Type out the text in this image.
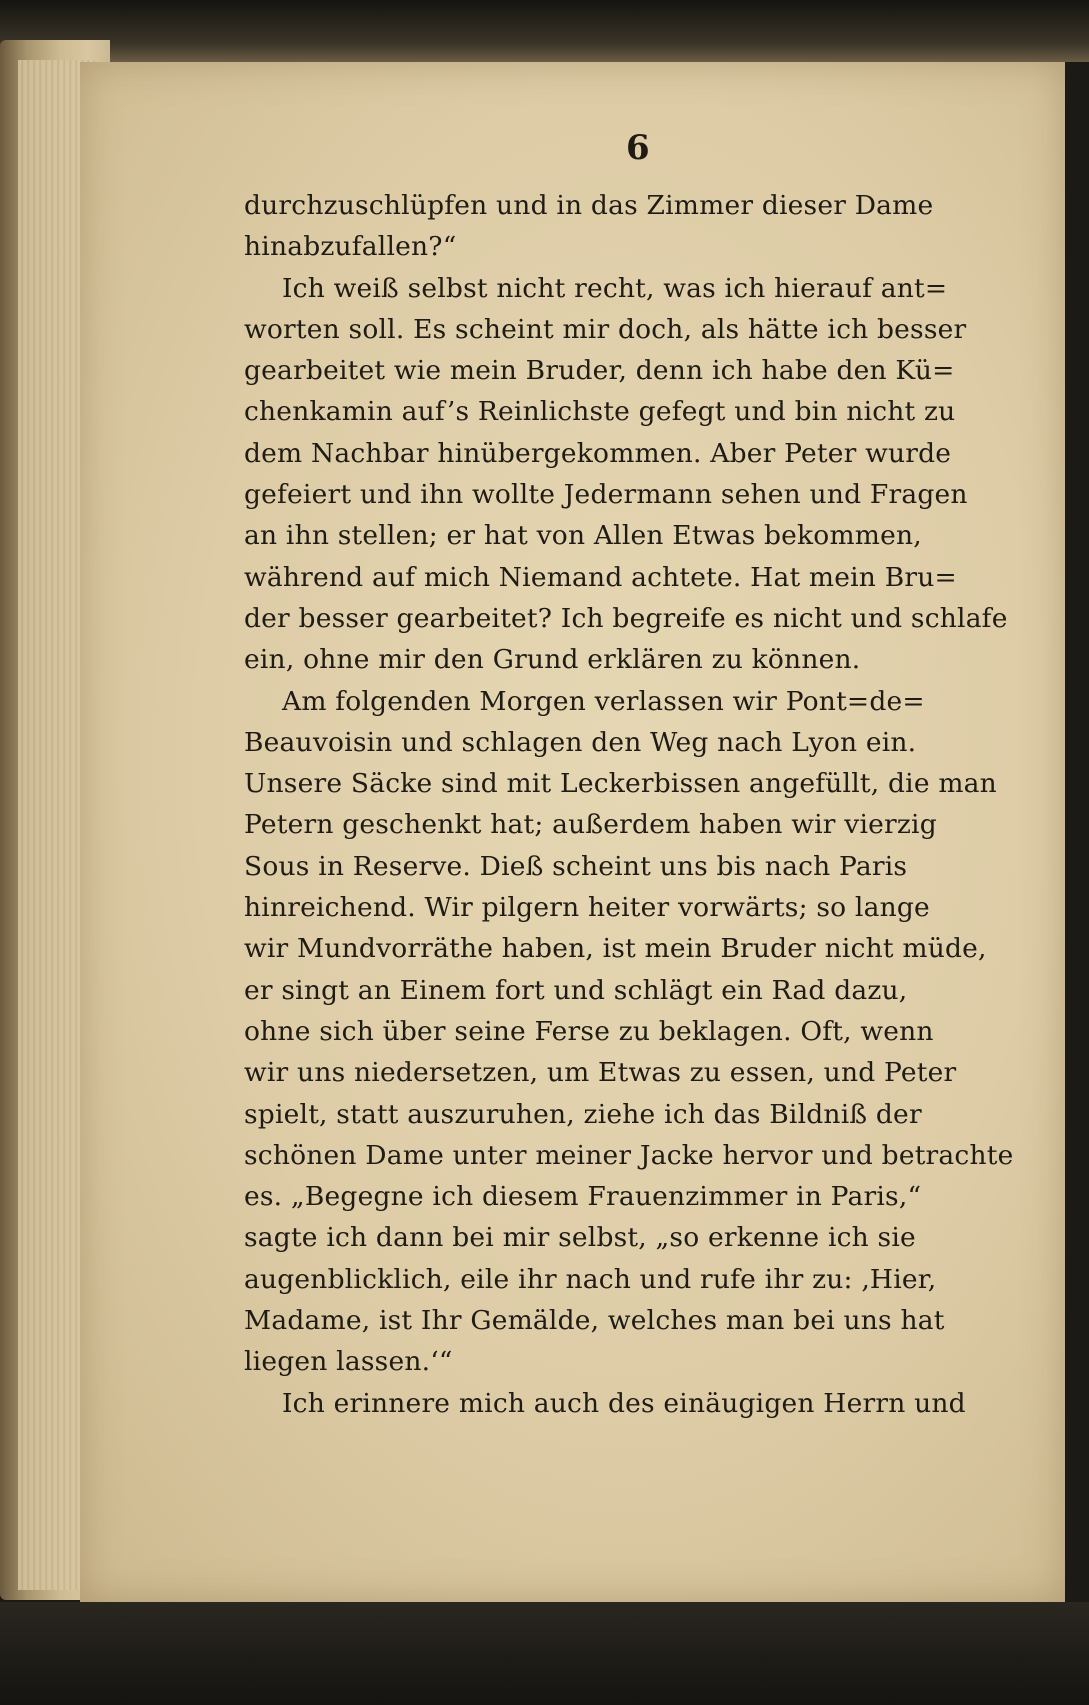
6
durchzuschlüpfen und in das Zimmer dieser Dame
hinabzufallen?“
Ich weiß selbst nicht recht, was ich hierauf ant=
worten soll. Es scheint mir doch, als hätte ich besser
gearbeitet wie mein Bruder, denn ich habe den Kü=
chenkamin auf’s Reinlichste gefegt und bin nicht zu
dem Nachbar hinübergekommen. Aber Peter wurde
gefeiert und ihn wollte Jedermann sehen und Fragen
an ihn stellen; er hat von Allen Etwas bekommen,
während auf mich Niemand achtete. Hat mein Bru=
der besser gearbeitet? Ich begreife es nicht und schlafe
ein, ohne mir den Grund erklären zu können.
Am folgenden Morgen verlassen wir Pont=de=
Beauvoisin und schlagen den Weg nach Lyon ein.
Unsere Säcke sind mit Leckerbissen angefüllt, die man
Petern geschenkt hat; außerdem haben wir vierzig
Sous in Reserve. Dieß scheint uns bis nach Paris
hinreichend. Wir pilgern heiter vorwärts; so lange
wir Mundvorräthe haben, ist mein Bruder nicht müde,
er singt an Einem fort und schlägt ein Rad dazu,
ohne sich über seine Ferse zu beklagen. Oft, wenn
wir uns niedersetzen, um Etwas zu essen, und Peter
spielt, statt auszuruhen, ziehe ich das Bildniß der
schönen Dame unter meiner Jacke hervor und betrachte
es. „Begegne ich diesem Frauenzimmer in Paris,“
sagte ich dann bei mir selbst, „so erkenne ich sie
augenblicklich, eile ihr nach und rufe ihr zu: ‚Hier,
Madame, ist Ihr Gemälde, welches man bei uns hat
liegen lassen.‘“
Ich erinnere mich auch des einäugigen Herrn und
